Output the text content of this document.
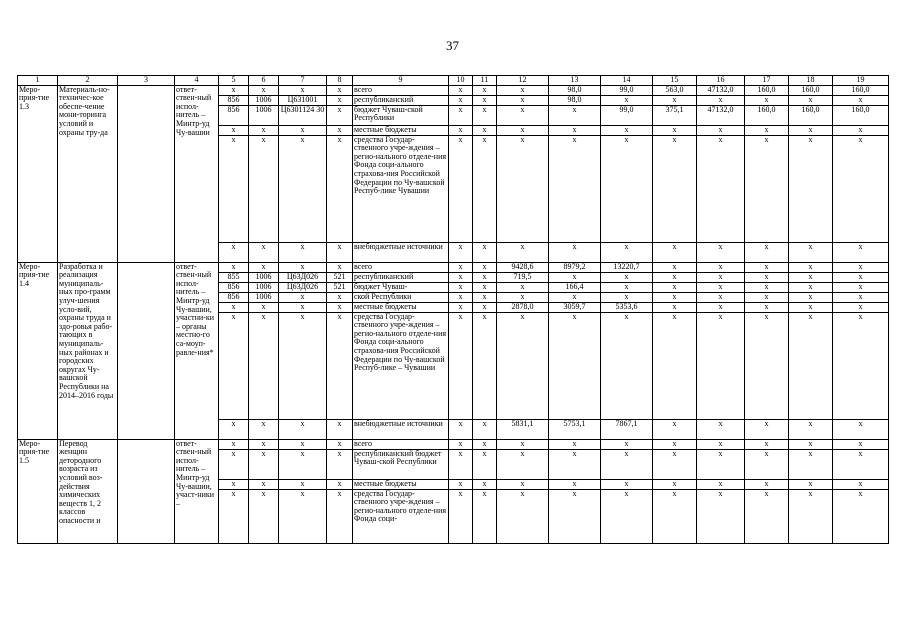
37
1	2	3	4	5	6	7	8	9	10	11	12	13	14	15	16	17	18	19
Меро-прия-тие 1.3	Материаль-но-техничес-кое обеспе-чение мони-торинга условий и охраны тру-да		ответ-ствен-ный испол-нитель – Минтр-уд Чу-вашии	х	х	х	х	всего	х	х	х	98,0	99,0	563,0	47132,0	160,0	160,0	160,0
				856	1006	Ц631001	х	республиканский	х	х	х	98,0	х	х	х	х	х	х
				856	1006	Ц6301124 30	х	бюджет Чуваш-ской Республики	х	х	х	х	99,0	375,1	47132,0	160,0	160,0	160,0
				х	х	х	х	местные бюджеты	х	х	х	х	х	х	х	х	х	х
				х	х	х	х	средства Государ-ственного учре-ждения – регио-нального отделе-ния Фонда соци-ального страхова-ния Российской Федерации по Чу-вашской Респуб-лике Чувашии	х	х	х	х	х	х	х	х	х	х
				х	х	х	х	внебюджетные источники	х	х	х	х	х	х	х	х	х	х
Меро-прия-тие 1.4	Разработка и реализация муниципаль-ных про-грамм улуч-шения усло-вий, охраны труда и здо-ровья рабо-тающих в муниципаль-ных районах и городских округах Чу-вашской Республики на 2014–2016 годы		ответ-ствен-ный испол-нитель – Минтр-уд Чу-вашии, участни-ки – органы местно-го са-моуп-равле-ния*	х	х	х	х	всего	х	х	9428,6	8979,2	13220,7	х	х	х	х	х
				855	1006	Ц63Д026	521	республиканский	х	х	719,5	х	х	х	х	х	х	х
				856	1006	Ц63Д026	521	бюджет Чуваш-	х	х	х	166,4	х	х	х	х	х	х
				856	1006	х	х	ской Республики	х	х	х	х	х	х	х	х	х	х
				х	х	х	х	местные бюджеты	х	х	2878,0	3059,7	5353,6	х	х	х	х	х
				х	х	х	х	средства Государ-ственного учре-ждения – регио-нального отделе-ния Фонда соци-ального страхова-ния Российской Федерации по Чу-вашской Респуб-лике – Чувашии	х	х	х	х	х	х	х	х	х	х
				х	х	х	х	внебюджетные источники	х	х	5831,1	5753,1	7867,1	х	х	х	х	х
Меро-прия-тие 1.5	Перевод женщин детородного возраста из условий воз-действия химических веществ 1, 2 классов опасности и		ответ-ствен-ный испол-нитель – Минтр-уд Чу-вашии, участ-ники –	х	х	х	х	всего	х	х	х	х	х	х	х	х	х	х
				х	х	х	х	республиканский бюджет Чуваш-ской Республики	х	х	х	х	х	х	х	х	х	х
				х	х	х	х	местные бюджеты	х	х	х	х	х	х	х	х	х	х
				х	х	х	х	средства Государ-ственного учре-ждения – регио-нального отделе-ния Фонда соци-	х	х	х	х	х	х	х	х	х	х
